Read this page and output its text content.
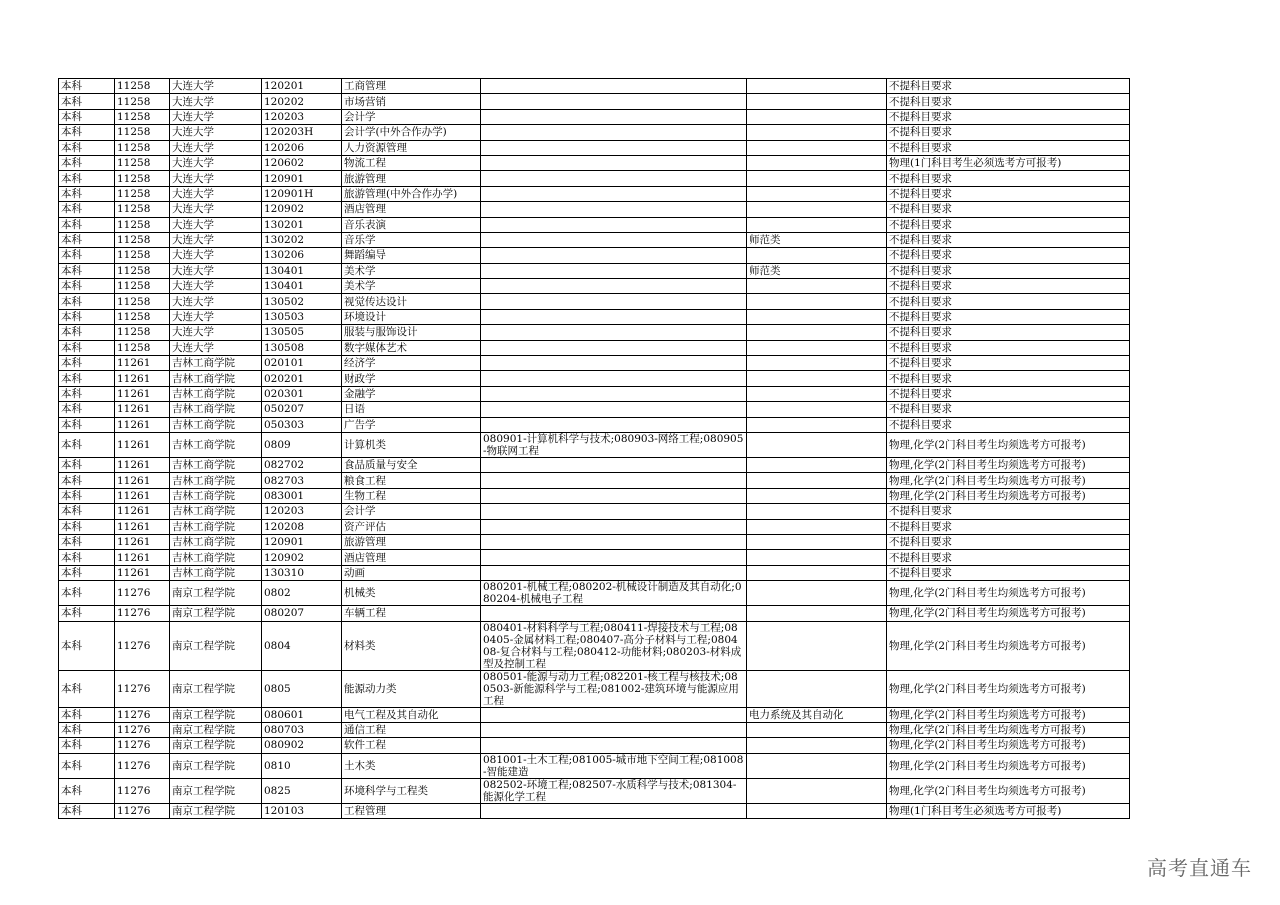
本科	11258	大连大学	120201	工商管理			不提科目要求
本科	11258	大连大学	120202	市场营销			不提科目要求
本科	11258	大连大学	120203	会计学			不提科目要求
本科	11258	大连大学	120203H	会计学(中外合作办学)			不提科目要求
本科	11258	大连大学	120206	人力资源管理			不提科目要求
本科	11258	大连大学	120602	物流工程			物理(1门科目考生必须选考方可报考)
本科	11258	大连大学	120901	旅游管理			不提科目要求
本科	11258	大连大学	120901H	旅游管理(中外合作办学)			不提科目要求
本科	11258	大连大学	120902	酒店管理			不提科目要求
本科	11258	大连大学	130201	音乐表演			不提科目要求
本科	11258	大连大学	130202	音乐学		师范类	不提科目要求
本科	11258	大连大学	130206	舞蹈编导			不提科目要求
本科	11258	大连大学	130401	美术学		师范类	不提科目要求
本科	11258	大连大学	130401	美术学			不提科目要求
本科	11258	大连大学	130502	视觉传达设计			不提科目要求
本科	11258	大连大学	130503	环境设计			不提科目要求
本科	11258	大连大学	130505	服装与服饰设计			不提科目要求
本科	11258	大连大学	130508	数字媒体艺术			不提科目要求
本科	11261	吉林工商学院	020101	经济学			不提科目要求
本科	11261	吉林工商学院	020201	财政学			不提科目要求
本科	11261	吉林工商学院	020301	金融学			不提科目要求
本科	11261	吉林工商学院	050207	日语			不提科目要求
本科	11261	吉林工商学院	050303	广告学			不提科目要求
本科	11261	吉林工商学院	0809	计算机类	080901-计算机科学与技术;080903-网络工程;080905-物联网工程		物理,化学(2门科目考生均须选考方可报考)
本科	11261	吉林工商学院	082702	食品质量与安全			物理,化学(2门科目考生均须选考方可报考)
本科	11261	吉林工商学院	082703	粮食工程			物理,化学(2门科目考生均须选考方可报考)
本科	11261	吉林工商学院	083001	生物工程			物理,化学(2门科目考生均须选考方可报考)
本科	11261	吉林工商学院	120203	会计学			不提科目要求
本科	11261	吉林工商学院	120208	资产评估			不提科目要求
本科	11261	吉林工商学院	120901	旅游管理			不提科目要求
本科	11261	吉林工商学院	120902	酒店管理			不提科目要求
本科	11261	吉林工商学院	130310	动画			不提科目要求
本科	11276	南京工程学院	0802	机械类	080201-机械工程;080202-机械设计制造及其自动化;080204-机械电子工程		物理,化学(2门科目考生均须选考方可报考)
本科	11276	南京工程学院	080207	车辆工程			物理,化学(2门科目考生均须选考方可报考)
本科	11276	南京工程学院	0804	材料类	080401-材料科学与工程;080411-焊接技术与工程;080405-金属材料工程;080407-高分子材料与工程;080408-复合材料与工程;080412-功能材料;080203-材料成型及控制工程		物理,化学(2门科目考生均须选考方可报考)
本科	11276	南京工程学院	0805	能源动力类	080501-能源与动力工程;082201-核工程与核技术;080503-新能源科学与工程;081002-建筑环境与能源应用工程		物理,化学(2门科目考生均须选考方可报考)
本科	11276	南京工程学院	080601	电气工程及其自动化		电力系统及其自动化	物理,化学(2门科目考生均须选考方可报考)
本科	11276	南京工程学院	080703	通信工程			物理,化学(2门科目考生均须选考方可报考)
本科	11276	南京工程学院	080902	软件工程			物理,化学(2门科目考生均须选考方可报考)
本科	11276	南京工程学院	0810	土木类	081001-土木工程;081005-城市地下空间工程;081008-智能建造		物理,化学(2门科目考生均须选考方可报考)
本科	11276	南京工程学院	0825	环境科学与工程类	082502-环境工程;082507-水质科学与技术;081304-能源化学工程		物理,化学(2门科目考生均须选考方可报考)
本科	11276	南京工程学院	120103	工程管理			物理(1门科目考生必须选考方可报考)
高考直通车
